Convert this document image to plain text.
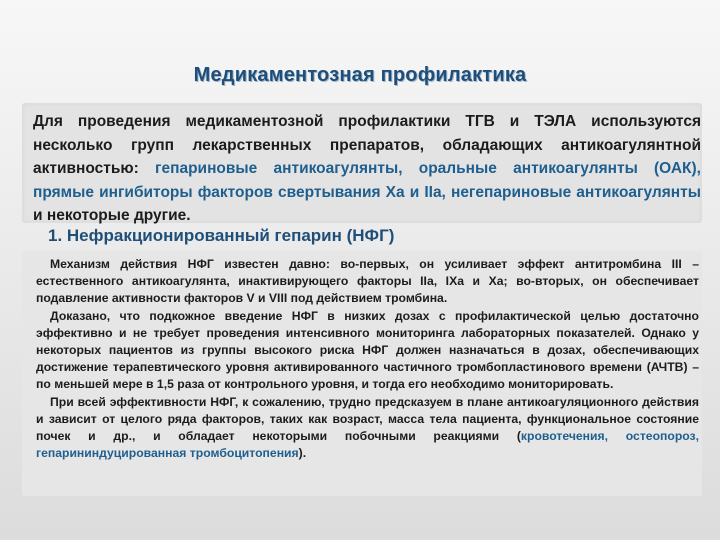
Медикаментозная профилактика
Для проведения медикаментозной профилактики ТГВ и ТЭЛА используются несколько групп лекарственных препаратов, обладающих антикоагулянтной активностью: гепариновые антикоагулянты, оральные антикоагулянты (ОАК), прямые ингибиторы факторов свертывания Ха и IIа, негепариновые антикоагулянты и некоторые другие.
1. Нефракционированный гепарин (НФГ)

Механизм действия НФГ известен давно: во-первых, он усиливает эффект антитромбина III – естественного антикоагулянта, инактивирующего факторы IIа, IXa и Xa; во-вторых, он обеспечивает подавление активности факторов V и VIII под действием тромбина.

Доказано, что подкожное введение НФГ в низких дозах с профилактической целью достаточно эффективно и не требует проведения интенсивного мониторинга лабораторных показателей. Однако у некоторых пациентов из группы высокого риска НФГ должен назначаться в дозах, обеспечивающих достижение терапевтического уровня активированного частичного тромбопластинового времени (АЧТВ) – по меньшей мере в 1,5 раза от контрольного уровня, и тогда его необходимо мониторировать.

При всей эффективности НФГ, к сожалению, трудно предсказуем в плане антикоагуляционного действия и зависит от целого ряда факторов, таких как возраст, масса тела пациента, функциональное состояние почек и др., и обладает некоторыми побочными реакциями (кровотечения, остеопороз, гепарининдуцированная тромбоцитопения).
